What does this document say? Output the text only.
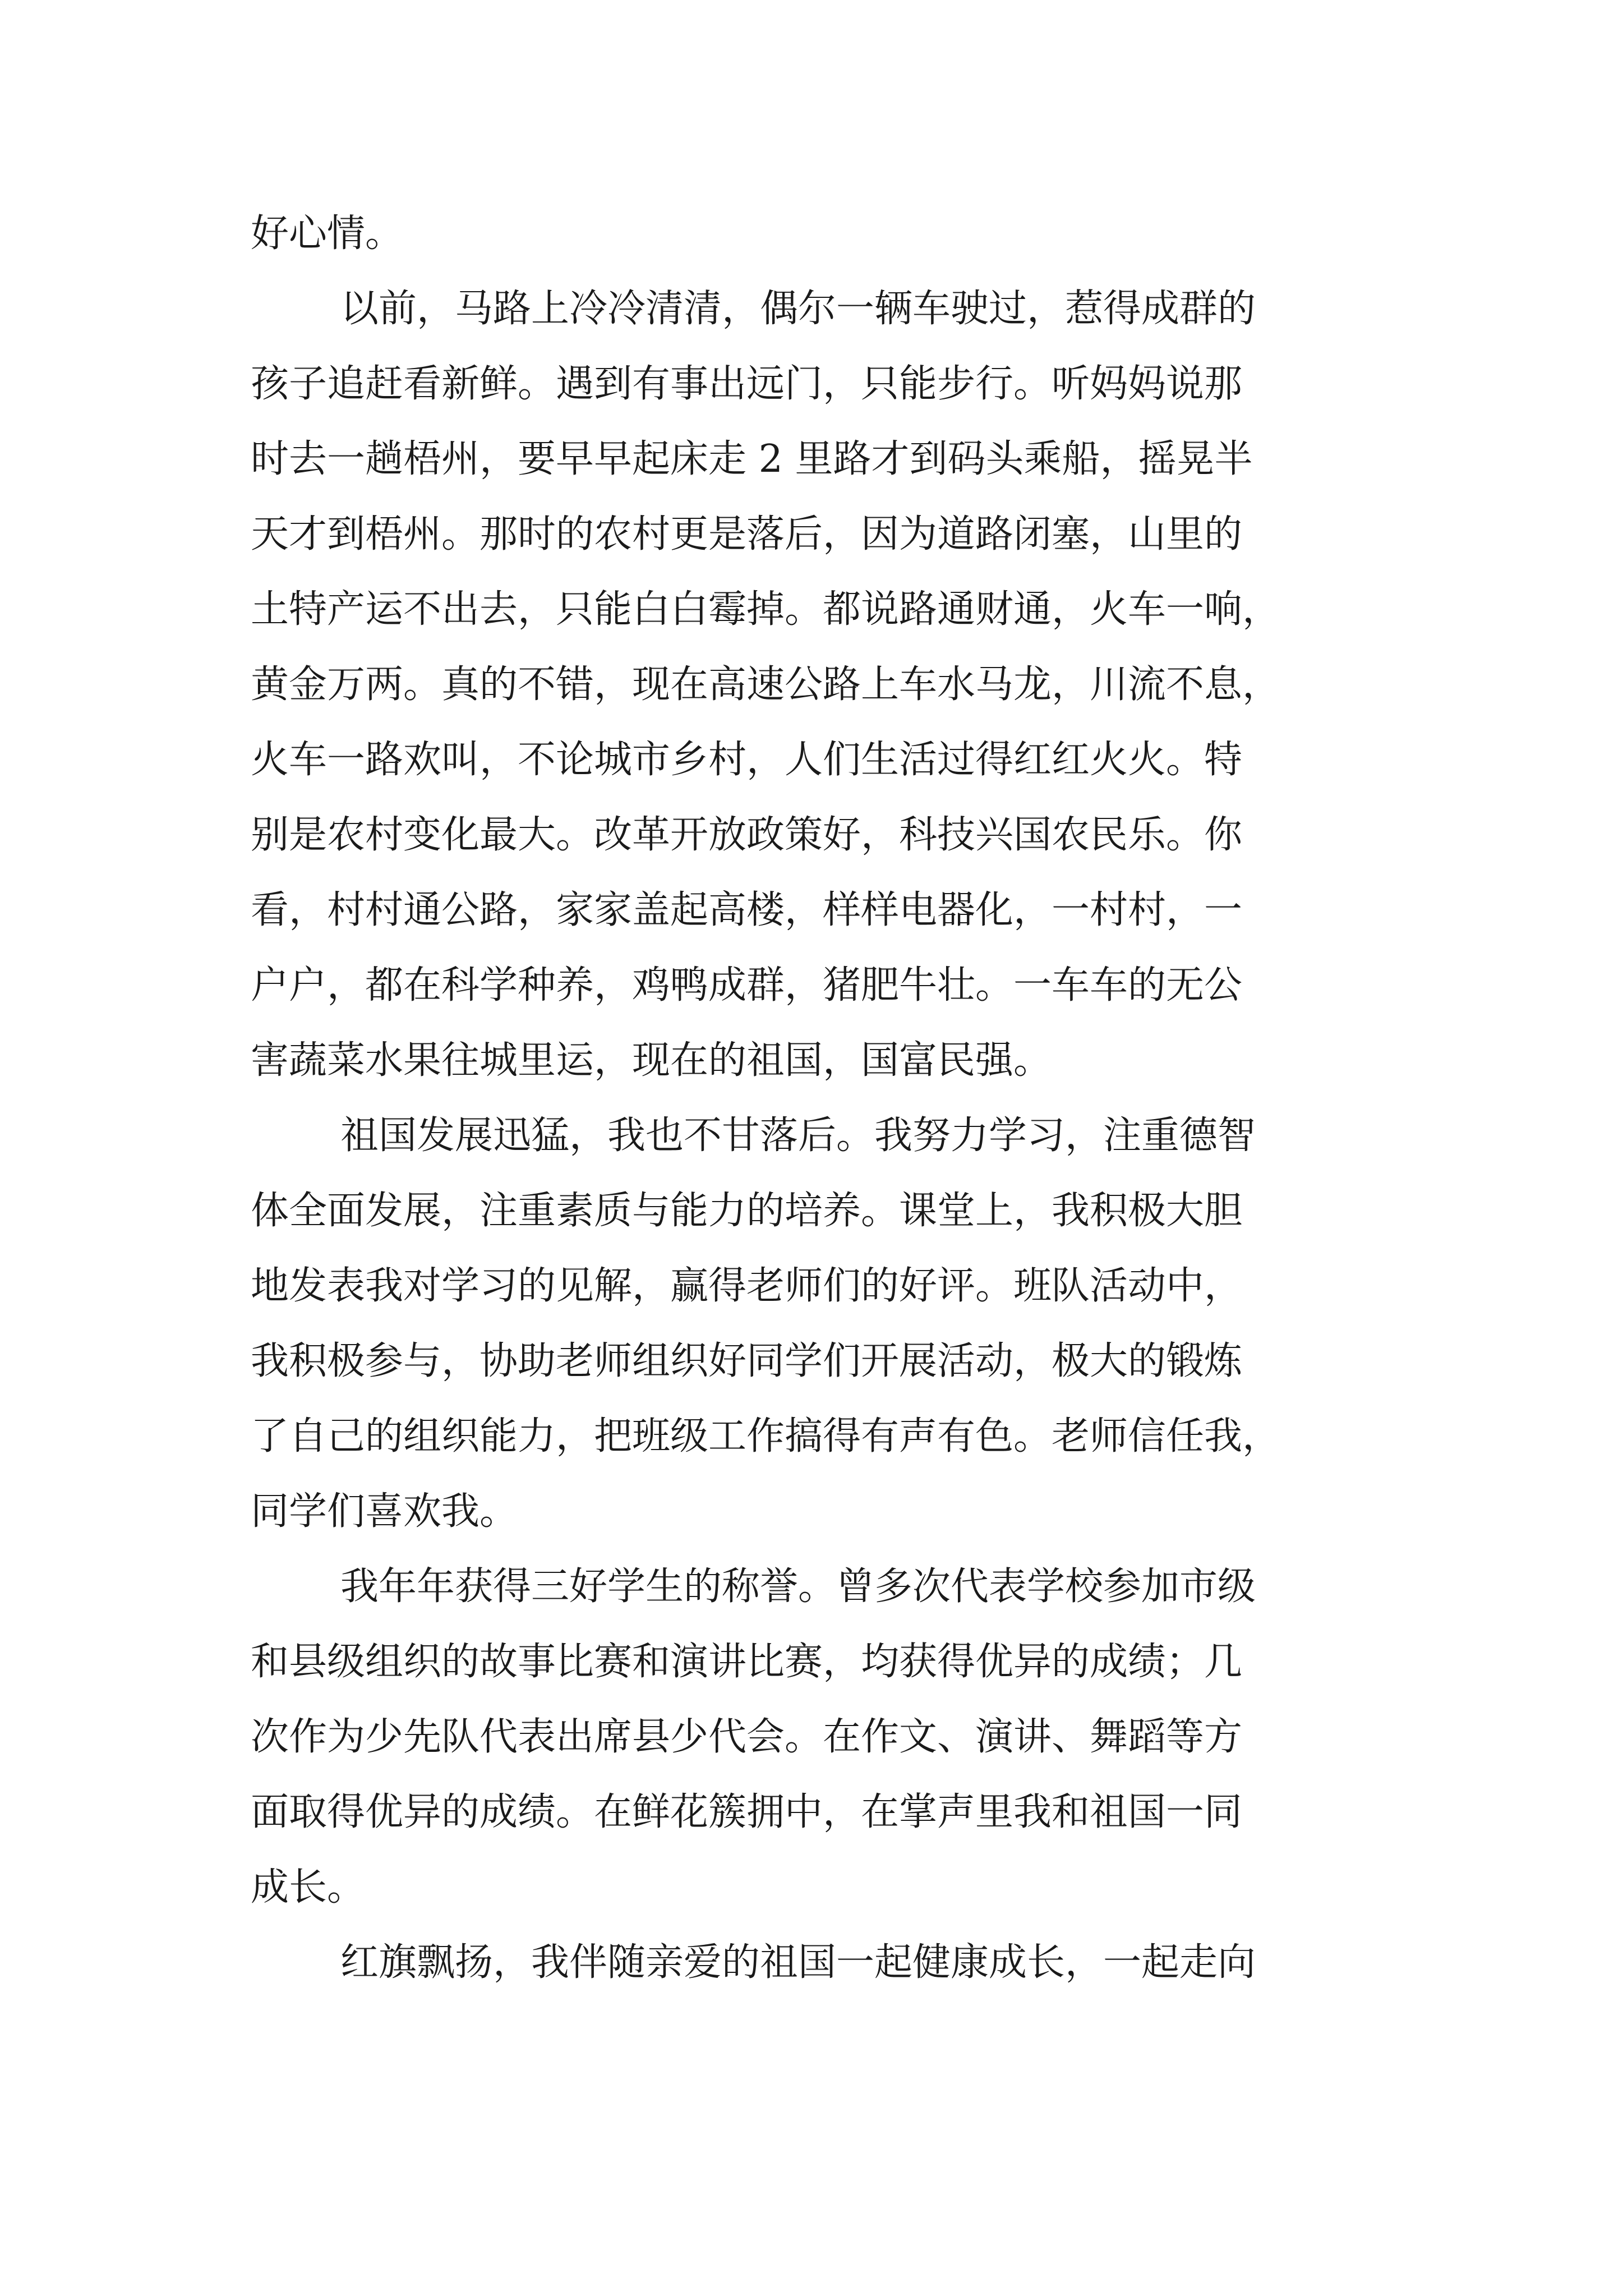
好心情。
以前，马路上冷冷清清，偶尔一辆车驶过，惹得成群的
孩子追赶看新鲜。遇到有事出远门，只能步行。听妈妈说那
时去一趟梧州，要早早起床走 2 里路才到码头乘船，摇晃半
天才到梧州。那时的农村更是落后，因为道路闭塞，山里的
土特产运不出去，只能白白霉掉。都说路通财通，火车一响，
黄金万两。真的不错，现在高速公路上车水马龙，川流不息，
火车一路欢叫，不论城市乡村，人们生活过得红红火火。特
别是农村变化最大。改革开放政策好，科技兴国农民乐。你
看，村村通公路，家家盖起高楼，样样电器化，一村村，一
户户，都在科学种养，鸡鸭成群，猪肥牛壮。一车车的无公
害蔬菜水果往城里运，现在的祖国，国富民强。
祖国发展迅猛，我也不甘落后。我努力学习，注重德智
体全面发展，注重素质与能力的培养。课堂上，我积极大胆
地发表我对学习的见解，赢得老师们的好评。班队活动中，
我积极参与，协助老师组织好同学们开展活动，极大的锻炼
了自己的组织能力，把班级工作搞得有声有色。老师信任我，
同学们喜欢我。
我年年获得三好学生的称誉。曾多次代表学校参加市级
和县级组织的故事比赛和演讲比赛，均获得优异的成绩；几
次作为少先队代表出席县少代会。在作文、演讲、舞蹈等方
面取得优异的成绩。在鲜花簇拥中，在掌声里我和祖国一同
成长。
红旗飘扬，我伴随亲爱的祖国一起健康成长，一起走向
